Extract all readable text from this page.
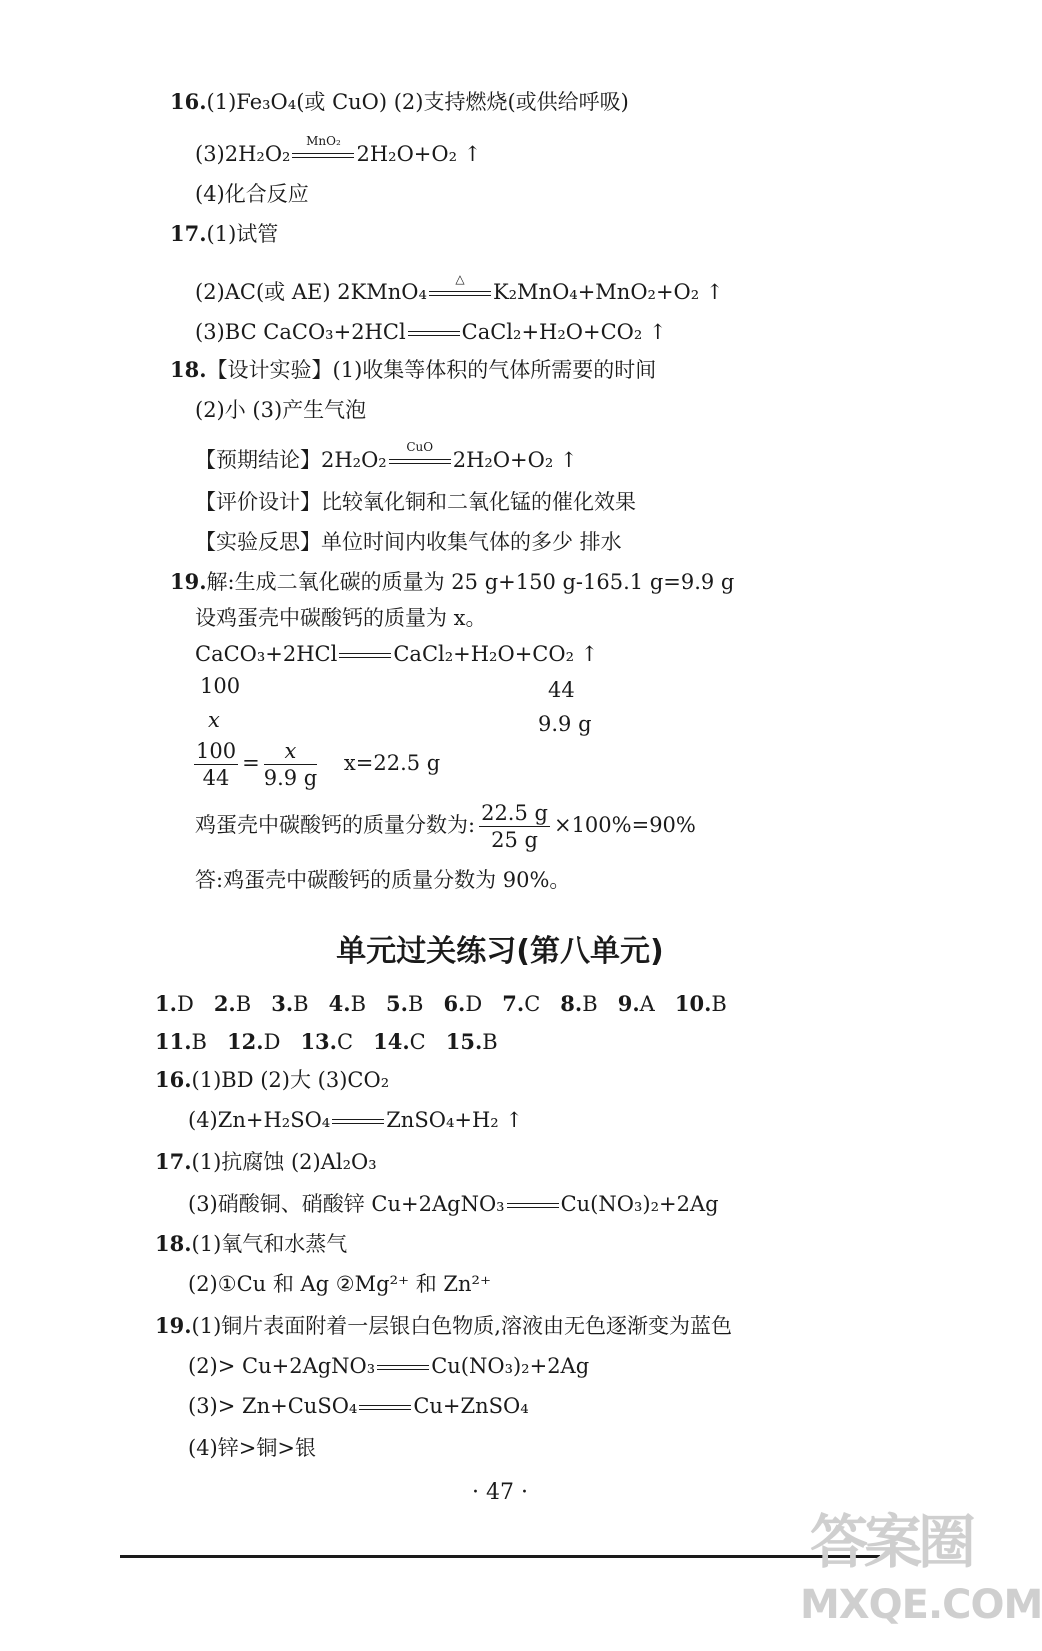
16.(1)Fe₃O₄(或 CuO) (2)支持燃烧(或供给呼吸)
(3)2H₂O₂
MnO₂
2H₂O+O₂ ↑
(4)化合反应
17.(1)试管
(2)AC(或 AE) 2KMnO₄
△
K₂MnO₄+MnO₂+O₂ ↑
(3)BC CaCO₃+2HCl	CaCl₂+H₂O+CO₂ ↑
18.【设计实验】(1)收集等体积的气体所需要的时间
(2)小 (3)产生气泡
【预期结论】2H₂O₂
CuO
2H₂O+O₂ ↑
【评价设计】比较氧化铜和二氧化锰的催化效果
【实验反思】单位时间内收集气体的多少 排水
19.解:生成二氧化碳的质量为 25 g+150 g-165.1 g=9.9 g
设鸡蛋壳中碳酸钙的质量为 x。
CaCO₃+2HCl	CaCl₂+H₂O+CO₂ ↑
100	44
x	9.9 g
$\frac{100}{44} = \frac{x}{9.9 g} x=22.5$ g
鸡蛋壳中碳酸钙的质量分数为: $\frac{22.5 g}{25 g} \times 100\%=90\%$
答:鸡蛋壳中碳酸钙的质量分数为 90%。
单元过关练习(第八单元)
1.D 2.B 3.B 4.B 5.B 6.D 7.C 8.B 9.A 10.B
11.B 12.D 13.C 14.C 15.B
16.(1)BD (2)大 (3)CO₂
(4)Zn+H₂SO₄	ZnSO₄+H₂ ↑
17.(1)抗腐蚀 (2)Al₂O₃
(3)硝酸铜、硝酸锌 Cu+2AgNO₃	Cu(NO₃)₂+2Ag
18.(1)氧气和水蒸气
(2)①Cu 和 Ag ②Mg²⁺ 和 Zn²⁺
19.(1)铜片表面附着一层银白色物质,溶液由无色逐渐变为蓝色
(2)> Cu+2AgNO₃	Cu(NO₃)₂+2Ag
(3)> Zn+CuSO₄	Cu+ZnSO₄
(4)锌>铜>银
· 47 ·
答案圈
MXQE.COM
